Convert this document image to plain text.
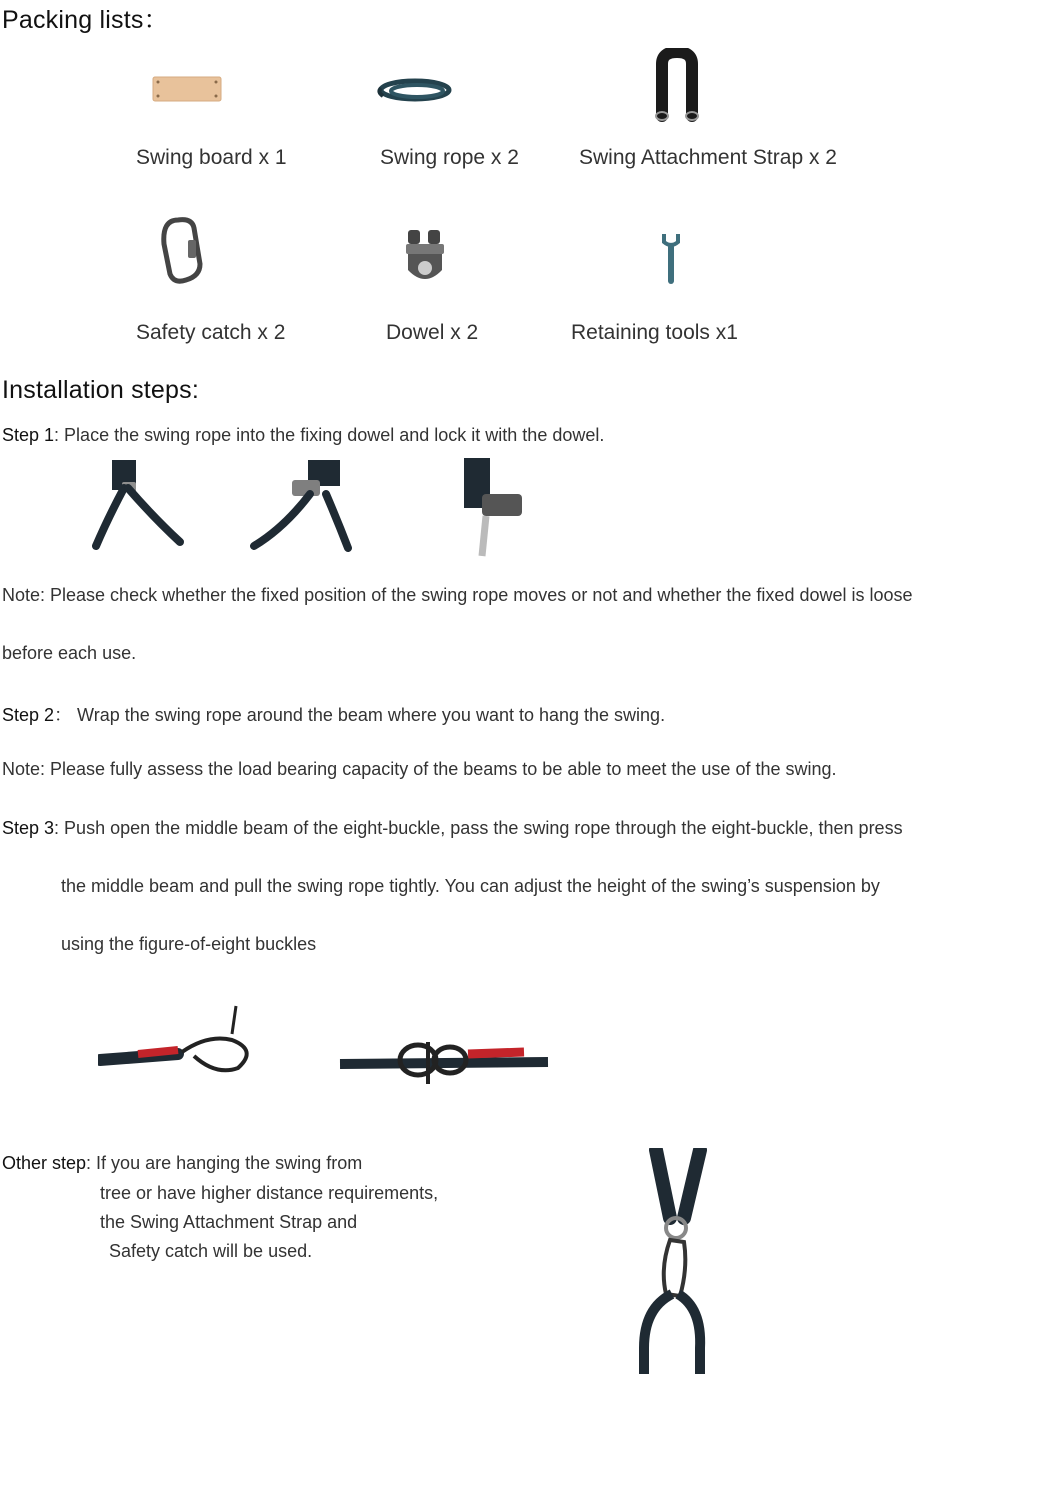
Packing lists：
Swing board x 1	Swing rope x 2	Swing Attachment Strap x 2
Safety catch x 2	Dowel x 2	Retaining tools x1
Installation steps:
Step 1: Place the swing rope into the fixing dowel and lock it with the dowel.
Note: Please check whether the fixed position of the swing rope moves or not and whether the fixed dowel is loose
before each use.
Step 2： Wrap the swing rope around the beam where you want to hang the swing.
Note: Please fully assess the load bearing capacity of the beams to be able to meet the use of the swing.
Step 3: Push open the middle beam of the eight-buckle, pass the swing rope through the eight-buckle, then press
the middle beam and pull the swing rope tightly. You can adjust the height of the swing’s suspension by
using the figure-of-eight buckles
Other step: If you are hanging the swing from
tree or have higher distance requirements,
the Swing Attachment Strap and
Safety catch will be used.
